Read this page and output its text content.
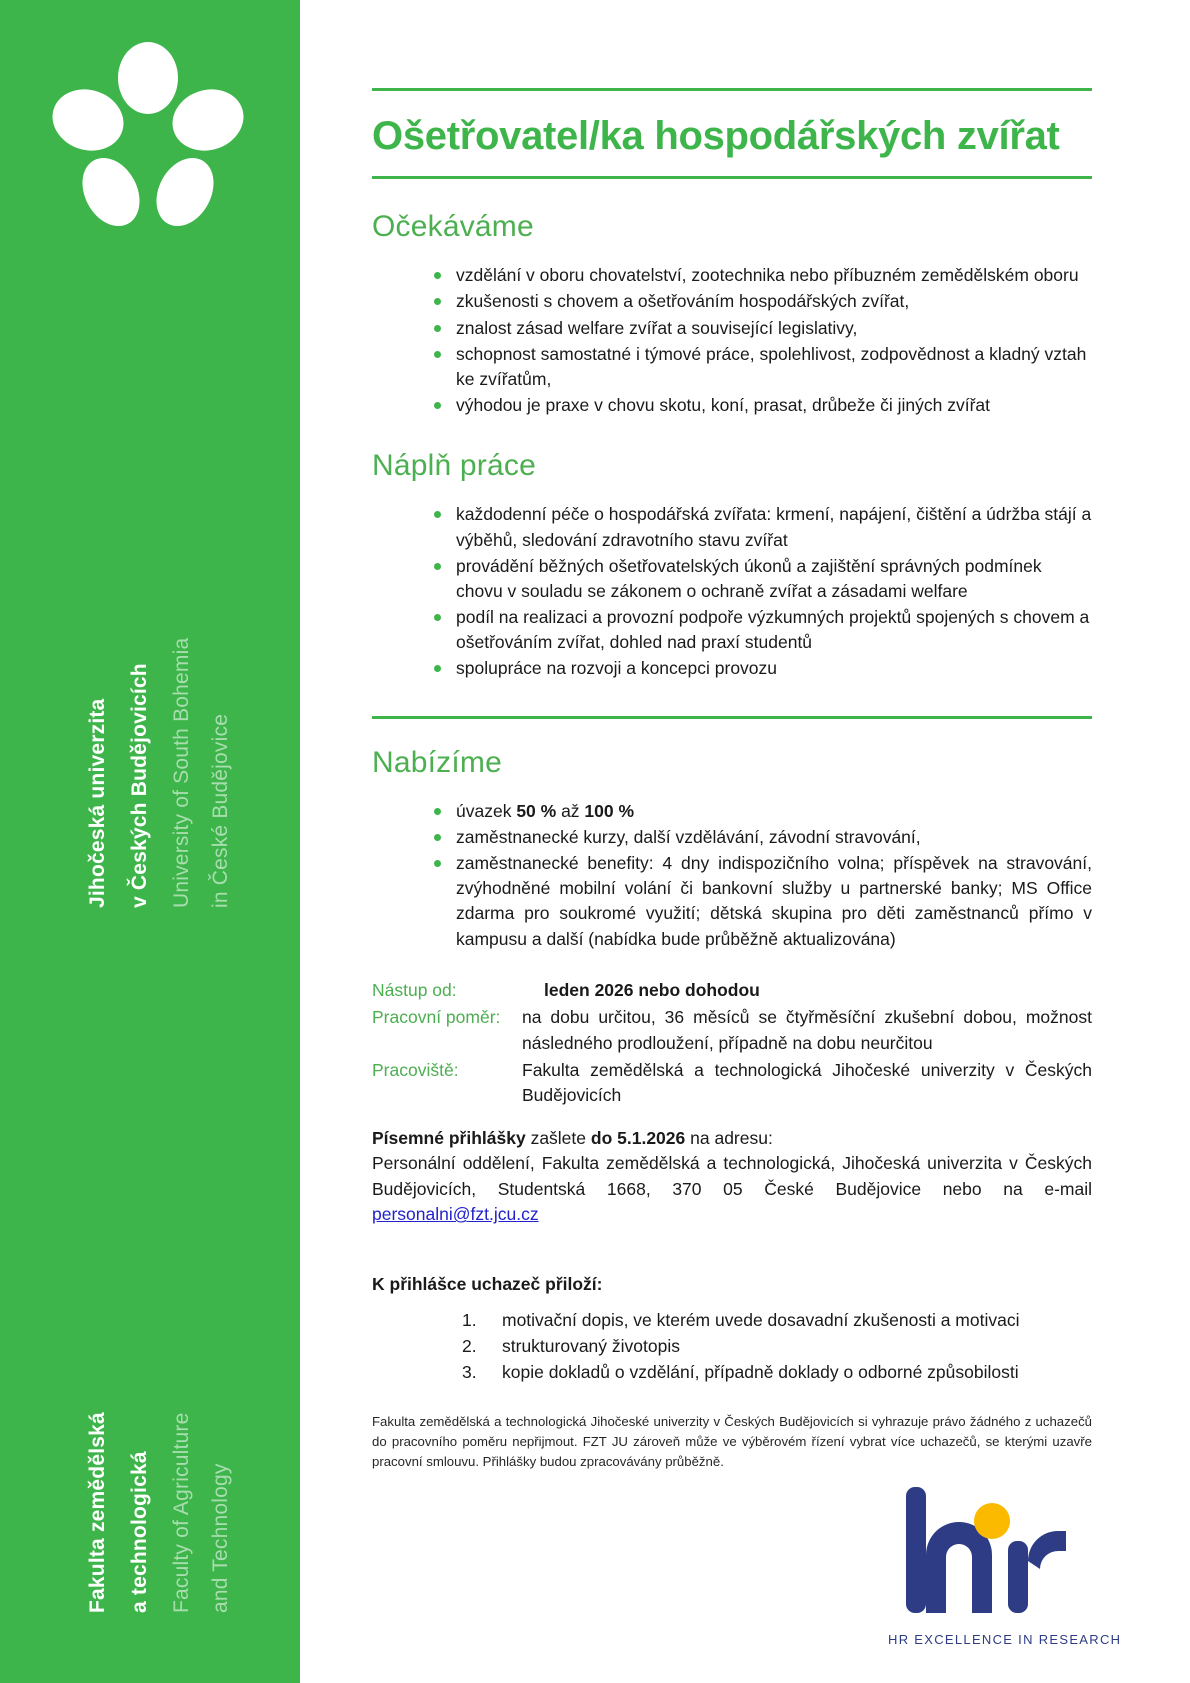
Fakulta zemědělská a technologická Faculty of Agriculture and Technology
Jihočeská univerzita v Českých Budějovicích University of South Bohemia in České Budějovice
Ošetřovatel/ka hospodářských zvířat
Očekáváme
vzdělání v oboru chovatelství, zootechnika nebo příbuzném zemědělském oboru
zkušenosti s chovem a ošetřováním hospodářských zvířat,
znalost zásad welfare zvířat a související legislativy,
schopnost samostatné i týmové práce, spolehlivost, zodpovědnost a kladný vztah ke zvířatům,
výhodou je praxe v chovu skotu, koní, prasat, drůbeže či jiných zvířat
Náplň práce
každodenní péče o hospodářská zvířata: krmení, napájení, čištění a údržba stájí a výběhů, sledování zdravotního stavu zvířat
provádění běžných ošetřovatelských úkonů a zajištění správných podmínek chovu v souladu se zákonem o ochraně zvířat a zásadami welfare
podíl na realizaci a provozní podpoře výzkumných projektů spojených s chovem a ošetřováním zvířat, dohled nad praxí studentů
spolupráce na rozvoji a koncepci provozu
Nabízíme
úvazek 50 % až 100 %
zaměstnanecké kurzy, další vzdělávání, závodní stravování,
zaměstnanecké benefity: 4 dny indispozičního volna; příspěvek na stravování, zvýhodněné mobilní volání či bankovní služby u partnerské banky; MS Office zdarma pro soukromé využití; dětská skupina pro děti zaměstnanců přímo v kampusu a další (nabídka bude průběžně aktualizována)
Nástup od:	leden 2026 nebo dohodou
Pracovní poměr:	na dobu určitou, 36 měsíců se čtyřměsíční zkušební dobou, možnost následného prodloužení, případně na dobu neurčitou
Pracoviště:	Fakulta zemědělská a technologická Jihočeské univerzity v Českých Budějovicích
Písemné přihlášky zašlete do 5.1.2026 na adresu:
Personální oddělení, Fakulta zemědělská a technologická, Jihočeská univerzita v Českých Budějovicích, Studentská 1668, 370 05 České Budějovice nebo na e-mail personalni@fzt.jcu.cz
K přihlášce uchazeč přiloží:
motivační dopis, ve kterém uvede dosavadní zkušenosti a motivaci
strukturovaný životopis
kopie dokladů o vzdělání, případně doklady o odborné způsobilosti
Fakulta zemědělská a technologická Jihočeské univerzity v Českých Budějovicích si vyhrazuje právo žádného z uchazečů do pracovního poměru nepřijmout. FZT JU zároveň může ve výběrovém řízení vybrat více uchazečů, se kterými uzavře pracovní smlouvu. Přihlášky budou zpracovávány průběžně.
HR EXCELLENCE IN RESEARCH
